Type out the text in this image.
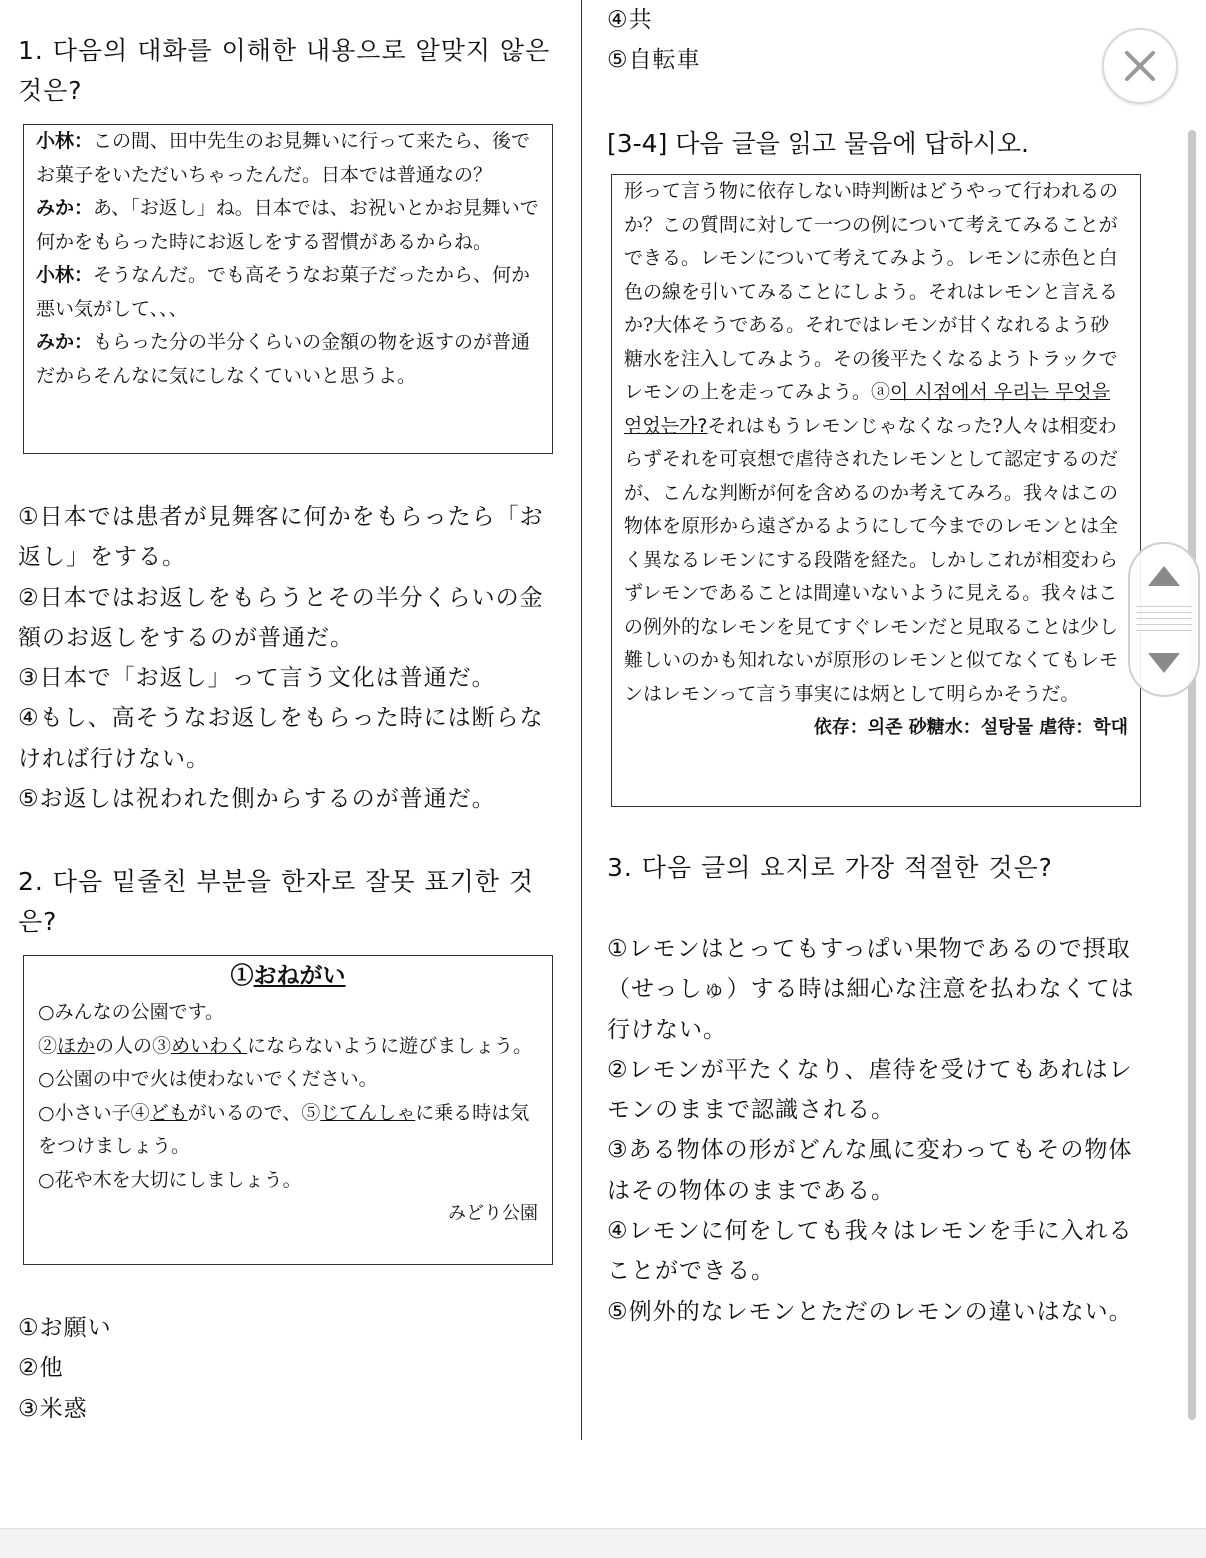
1. 다음의 대화를 이해한 내용으로 알맞지 않은 것은?
小林：この間、田中先生のお見舞いに行って来たら、後でお菓子をいただいちゃったんだ。日本では普通なの？
みか：あ、「お返し」ね。日本では、お祝いとかお見舞いで何かをもらった時にお返しをする習慣があるからね。
小林：そうなんだ。でも高そうなお菓子だったから、何か悪い気がして、、、
みか：もらった分の半分くらいの金額の物を返すのが普通だからそんなに気にしなくていいと思うよ。
①日本では患者が見舞客に何かをもらったら「お返し」をする。
②日本ではお返しをもらうとその半分くらいの金額のお返しをするのが普通だ。
③日本で「お返し」って言う文化は普通だ。
④もし、高そうなお返しをもらった時には断らなければ行けない。
⑤お返しは祝われた側からするのが普通だ。
2. 다음 밑줄친 부분을 한자로 잘못 표기한 것은?
①おねがい
○みんなの公園です。
②ほかの人の③めいわくにならないように遊びましょう。
○公園の中で火は使わないでください。
○小さい子④どもがいるので、⑤じてんしゃに乗る時は気をつけましょう。
○花や木を大切にしましょう。
みどり公園
①お願い
②他
③米惑
④共
⑤自転車
[3-4] 다음 글을 읽고 물음에 답하시오.
形って言う物に依存しない時判断はどうやって行われるのか？この質問に対して一つの例について考えてみることができる。レモンについて考えてみよう。レモンに赤色と白色の線を引いてみることにしよう。それはレモンと言えるか?大体そうである。それではレモンが甘くなれるよう砂糖水を注入してみよう。その後平たくなるようトラックでレモンの上を走ってみよう。ⓐ이 시점에서 우리는 무엇을 얻었는가?それはもうレモンじゃなくなった?人々は相変わらずそれを可哀想で虐待されたレモンとして認定するのだが、こんな判断が何を含めるのか考えてみろ。我々はこの物体を原形から遠ざかるようにして今までのレモンとは全く異なるレモンにする段階を経た。しかしこれが相変わらずレモンであることは間違いないように見える。我々はこの例外的なレモンを見てすぐレモンだと見取ることは少し難しいのかも知れないが原形のレモンと似てなくてもレモンはレモンって言う事実には炳として明らかそうだ。
依存：의존 砂糖水：설탕물 虐待：학대
3. 다음 글의 요지로 가장 적절한 것은?
①レモンはとってもすっぱい果物であるので摂取（せっしゅ）する時は細心な注意を払わなくては行けない。
②レモンが平たくなり、虐待を受けてもあれはレモンのままで認識される。
③ある物体の形がどんな風に変わってもその物体はその物体のままである。
④レモンに何をしても我々はレモンを手に入れることができる。
⑤例外的なレモンとただのレモンの違いはない。
